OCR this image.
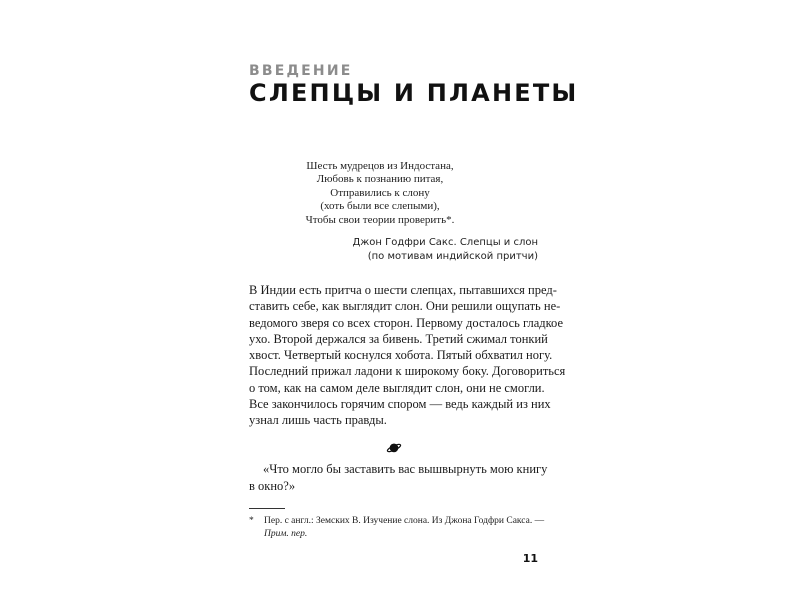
ВВЕДЕНИЕ
СЛЕПЦЫ И ПЛАНЕТЫ
Шесть мудрецов из Индостана,
Любовь к познанию питая,
Отправились к слону
(хоть были все слепыми),
Чтобы свои теории проверить*.
Джон Годфри Сакс. Слепцы и слон
(по мотивам индийской притчи)
В Индии есть притча о шести слепцах, пытавшихся пред-
ставить себе, как выглядит слон. Они решили ощупать не-
ведомого зверя со всех сторон. Первому досталось гладкое
ухо. Второй держался за бивень. Третий сжимал тонкий
хвост. Четвертый коснулся хобота. Пятый обхватил ногу.
Последний прижал ладони к широкому боку. Договориться
о том, как на самом деле выглядит слон, они не смогли.
Все закончилось горячим спором — ведь каждый из них
узнал лишь часть правды.
«Что могло бы заставить вас вышвырнуть мою книгу
в окно?»
*	Пер. с англ.: Земских В. Изучение слона. Из Джона Годфри Сакса. —
Прим. пер.
11
